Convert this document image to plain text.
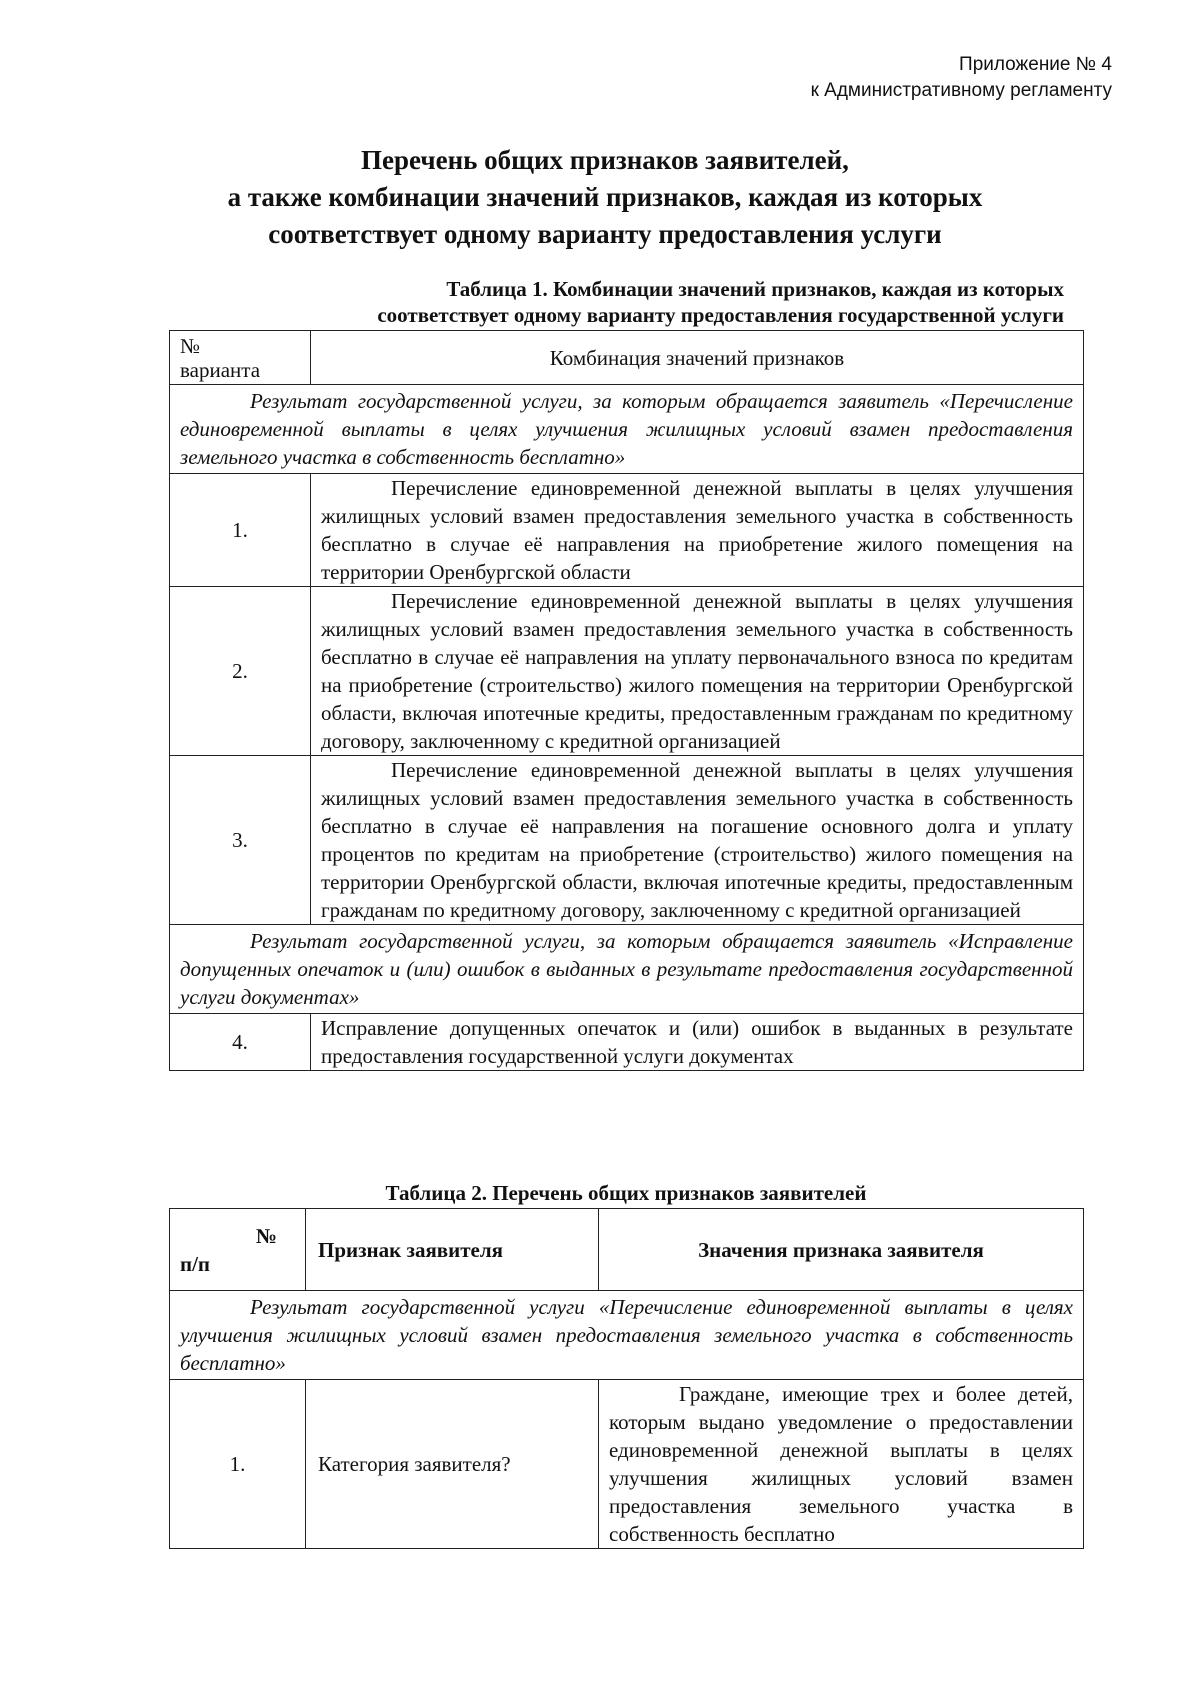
Приложение № 4
к Административному регламенту
Перечень общих признаков заявителей,
а также комбинации значений признаков, каждая из которых
соответствует одному варианту предоставления услуги
Таблица 1. Комбинации значений признаков, каждая из которых
соответствует одному варианту предоставления государственной услуги
№
варианта	Комбинация значений признаков
Результат государственной услуги, за которым обращается заявитель «Перечисление единовременной выплаты в целях улучшения жилищных условий взамен предоставления земельного участка в собственность бесплатно»	
1.	Перечисление единовременной денежной выплаты в целях улучшения жилищных условий взамен предоставления земельного участка в собственность бесплатно в случае её направления на приобретение жилого помещения на территории Оренбургской области
2.	Перечисление единовременной денежной выплаты в целях улучшения жилищных условий взамен предоставления земельного участка в собственность бесплатно в случае её направления на уплату первоначального взноса по кредитам на приобретение (строительство) жилого помещения на территории Оренбургской области, включая ипотечные кредиты, предоставленным гражданам по кредитному договору, заключенному с кредитной организацией
3.	Перечисление единовременной денежной выплаты в целях улучшения жилищных условий взамен предоставления земельного участка в собственность бесплатно в случае её направления на погашение основного долга и уплату процентов по кредитам на приобретение (строительство) жилого помещения на территории Оренбургской области, включая ипотечные кредиты, предоставленным гражданам по кредитному договору, заключенному с кредитной организацией
Результат государственной услуги, за которым обращается заявитель «Исправление допущенных опечаток и (или) ошибок в выданных в результате предоставления государственной услуги документах»	
4.	Исправление допущенных опечаток и (или) ошибок в выданных в результате предоставления государственной услуги документах
Таблица 2. Перечень общих признаков заявителей
№
п/п	Признак заявителя	Значения признака заявителя
Результат государственной услуги «Перечисление единовременной выплаты в целях улучшения жилищных условий взамен предоставления земельного участка в собственность бесплатно»		
1.	Категория заявителя?	Граждане, имеющие трех и более детей, которым выдано уведомление о предоставлении единовременной денежной выплаты в целях улучшения жилищных условий взамен предоставления земельного участка в собственность бесплатно
